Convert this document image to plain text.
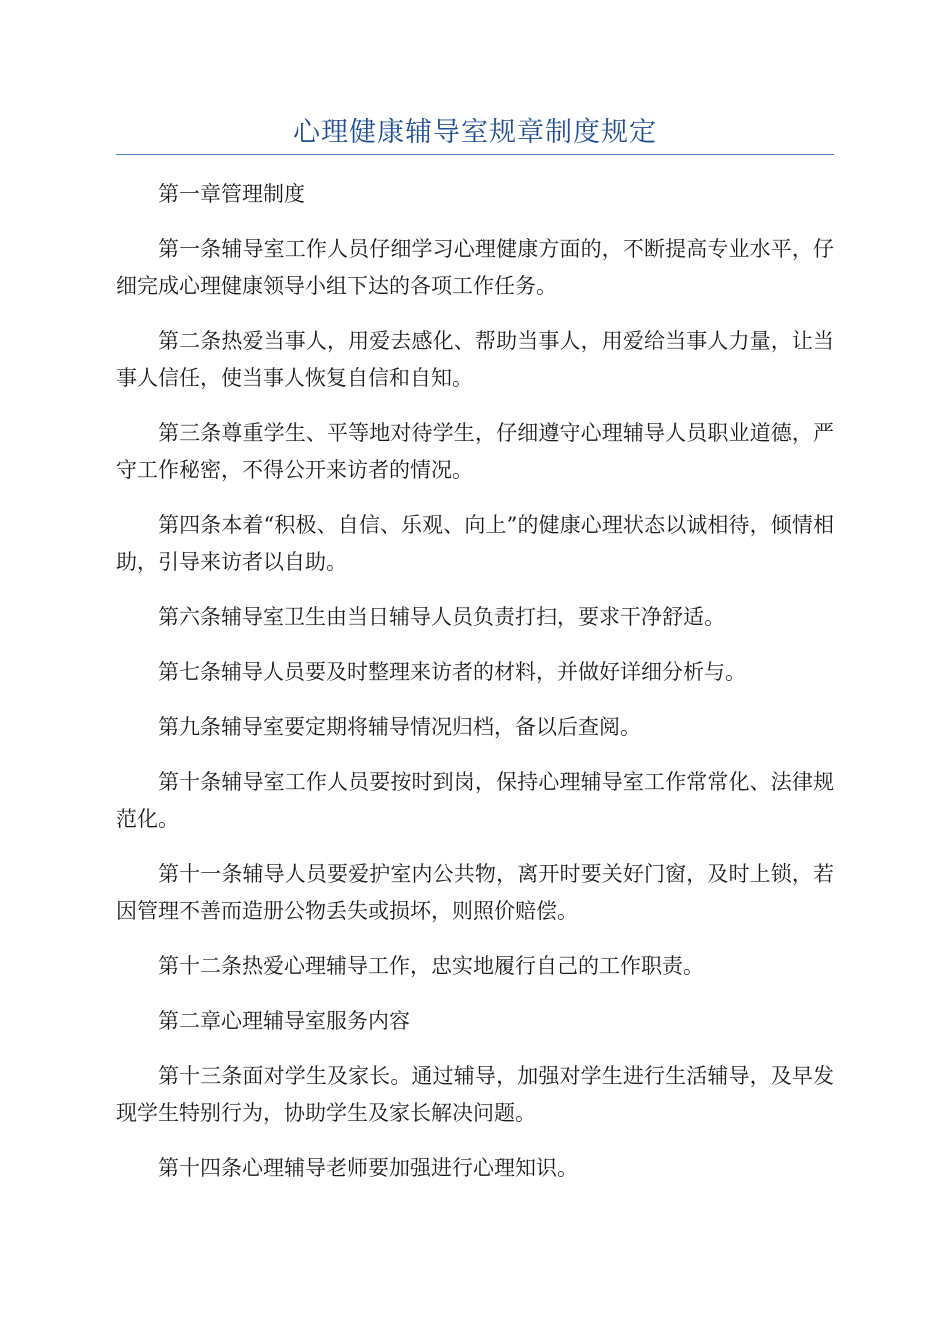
心理健康辅导室规章制度规定

第一章管理制度

第一条辅导室工作人员仔细学习心理健康方面的，不断提高专业水平，仔细完成心理健康领导小组下达的各项工作任务。

第二条热爱当事人，用爱去感化、帮助当事人，用爱给当事人力量，让当事人信任，使当事人恢复自信和自知。

第三条尊重学生、平等地对待学生，仔细遵守心理辅导人员职业道德，严守工作秘密，不得公开来访者的情况。

第四条本着“积极、自信、乐观、向上”的健康心理状态以诚相待，倾情相助，引导来访者以自助。

第六条辅导室卫生由当日辅导人员负责打扫，要求干净舒适。

第七条辅导人员要及时整理来访者的材料，并做好详细分析与。

第九条辅导室要定期将辅导情况归档，备以后查阅。

第十条辅导室工作人员要按时到岗，保持心理辅导室工作常常化、法律规范化。

第十一条辅导人员要爱护室内公共物，离开时要关好门窗，及时上锁，若因管理不善而造册公物丢失或损坏，则照价赔偿。

第十二条热爱心理辅导工作，忠实地履行自己的工作职责。

第二章心理辅导室服务内容

第十三条面对学生及家长。通过辅导，加强对学生进行生活辅导，及早发现学生特别行为，协助学生及家长解决问题。

第十四条心理辅导老师要加强进行心理知识。
